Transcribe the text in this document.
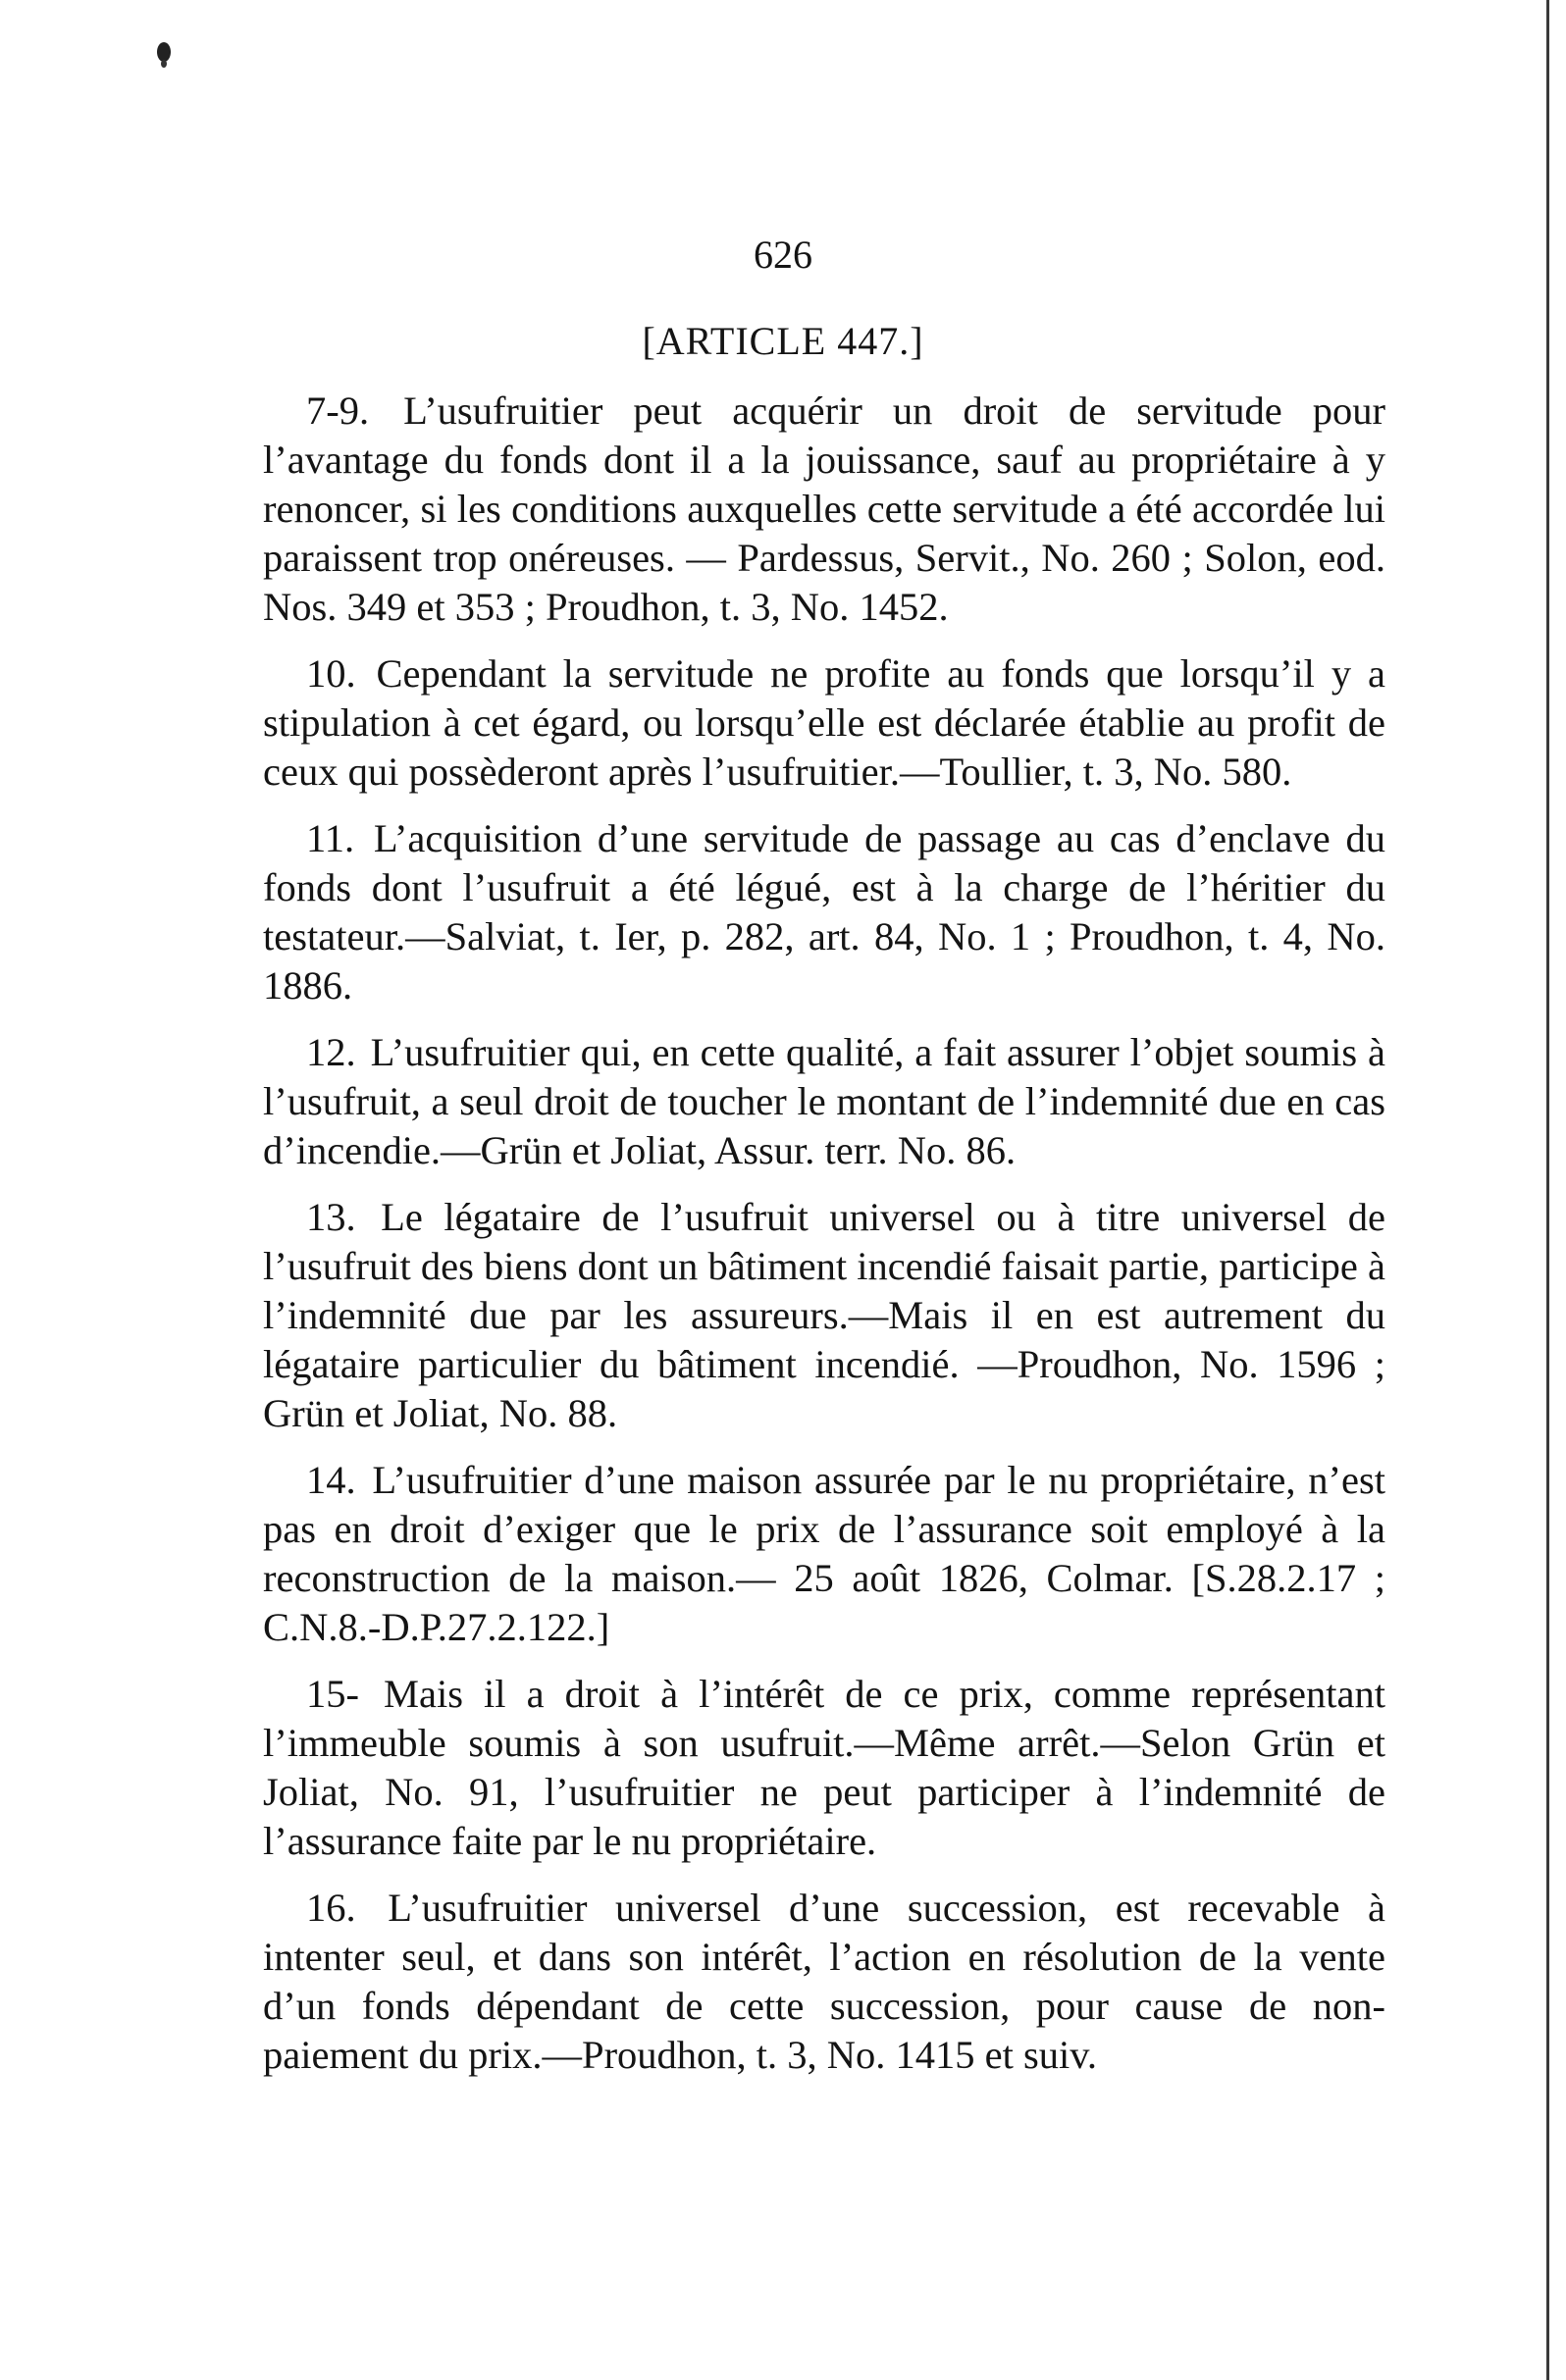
626
[ARTICLE 447.]

7-9. L’usufruitier peut acquérir un droit de servitude pour l’avantage du fonds dont il a la jouissance, sauf au propriétaire à y renoncer, si les conditions auxquelles cette servitude a été accordée lui paraissent trop onéreuses. — Pardessus, Servit., No. 260 ; Solon, eod. Nos. 349 et 353 ; Proudhon, t. 3, No. 1452.

10. Cependant la servitude ne profite au fonds que lorsqu’il y a stipulation à cet égard, ou lorsqu’elle est déclarée établie au profit de ceux qui possèderont après l’usufruitier.—Toullier, t. 3, No. 580.

11. L’acquisition d’une servitude de passage au cas d’enclave du fonds dont l’usufruit a été légué, est à la charge de l’héritier du testateur.—Salviat, t. Ier, p. 282, art. 84, No. 1 ; Proudhon, t. 4, No. 1886.

12. L’usufruitier qui, en cette qualité, a fait assurer l’objet soumis à l’usufruit, a seul droit de toucher le montant de l’indemnité due en cas d’incendie.—Grün et Joliat, Assur. terr. No. 86.

13. Le légataire de l’usufruit universel ou à titre universel de l’usufruit des biens dont un bâtiment incendié faisait partie, participe à l’indemnité due par les assureurs.—Mais il en est autrement du légataire particulier du bâtiment incendié. —Proudhon, No. 1596 ; Grün et Joliat, No. 88.

14. L’usufruitier d’une maison assurée par le nu propriétaire, n’est pas en droit d’exiger que le prix de l’assurance soit employé à la reconstruction de la maison.— 25 août 1826, Colmar. [S.28.2.17 ; C.N.8.-D.P.27.2.122.]

15- Mais il a droit à l’intérêt de ce prix, comme représentant l’immeuble soumis à son usufruit.—Même arrêt.—Selon Grün et Joliat, No. 91, l’usufruitier ne peut participer à l’indemnité de l’assurance faite par le nu propriétaire.

16. L’usufruitier universel d’une succession, est recevable à intenter seul, et dans son intérêt, l’action en résolution de la vente d’un fonds dépendant de cette succession, pour cause de non-paiement du prix.—Proudhon, t. 3, No. 1415 et suiv.
